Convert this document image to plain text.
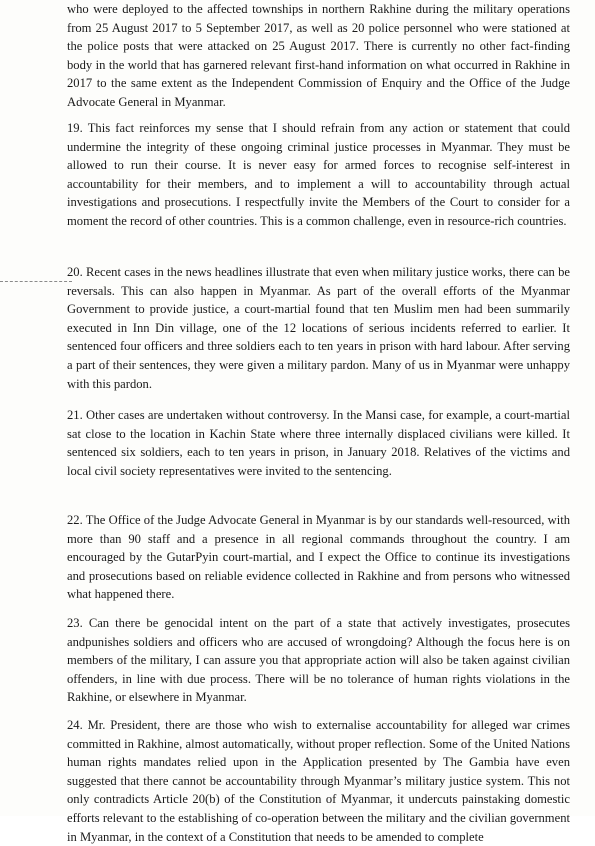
who were deployed to the affected townships in northern Rakhine during the military operations from 25 August 2017 to 5 September 2017, as well as 20 police personnel who were stationed at the police posts that were attacked on 25 August 2017. There is currently no other fact-finding body in the world that has garnered relevant first-hand information on what occurred in Rakhine in 2017 to the same extent as the Independent Commission of Enquiry and the Office of the Judge Advocate General in Myanmar.

19. This fact reinforces my sense that I should refrain from any action or statement that could undermine the integrity of these ongoing criminal justice processes in Myanmar. They must be allowed to run their course. It is never easy for armed forces to recognise self-interest in accountability for their members, and to implement a will to accountability through actual investigations and prosecutions. I respectfully invite the Members of the Court to consider for a moment the record of other countries. This is a common challenge, even in resource-rich countries.

20. Recent cases in the news headlines illustrate that even when military justice works, there can be reversals. This can also happen in Myanmar. As part of the overall efforts of the Myanmar Government to provide justice, a court-martial found that ten Muslim men had been summarily executed in Inn Din village, one of the 12 locations of serious incidents referred to earlier. It sentenced four officers and three soldiers each to ten years in prison with hard labour. After serving a part of their sentences, they were given a military pardon. Many of us in Myanmar were unhappy with this pardon.

21. Other cases are undertaken without controversy. In the Mansi case, for example, a court-martial sat close to the location in Kachin State where three internally displaced civilians were killed. It sentenced six soldiers, each to ten years in prison, in January 2018. Relatives of the victims and local civil society representatives were invited to the sentencing.

22. The Office of the Judge Advocate General in Myanmar is by our standards well-resourced, with more than 90 staff and a presence in all regional commands throughout the country. I am encouraged by the GutarPyin court-martial, and I expect the Office to continue its investigations and prosecutions based on reliable evidence collected in Rakhine and from persons who witnessed what happened there.

23. Can there be genocidal intent on the part of a state that actively investigates, prosecutes andpunishes soldiers and officers who are accused of wrongdoing? Although the focus here is on members of the military, I can assure you that appropriate action will also be taken against civilian offenders, in line with due process. There will be no tolerance of human rights violations in the Rakhine, or elsewhere in Myanmar.

24. Mr. President, there are those who wish to externalise accountability for alleged war crimes committed in Rakhine, almost automatically, without proper reflection. Some of the United Nations human rights mandates relied upon in the Application presented by The Gambia have even suggested that there cannot be accountability through Myanmar’s military justice system. This not only contradicts Article 20(b) of the Constitution of Myanmar, it undercuts painstaking domestic efforts relevant to the establishing of co-operation between the military and the civilian government in Myanmar, in the context of a Constitution that needs to be amended to complete
